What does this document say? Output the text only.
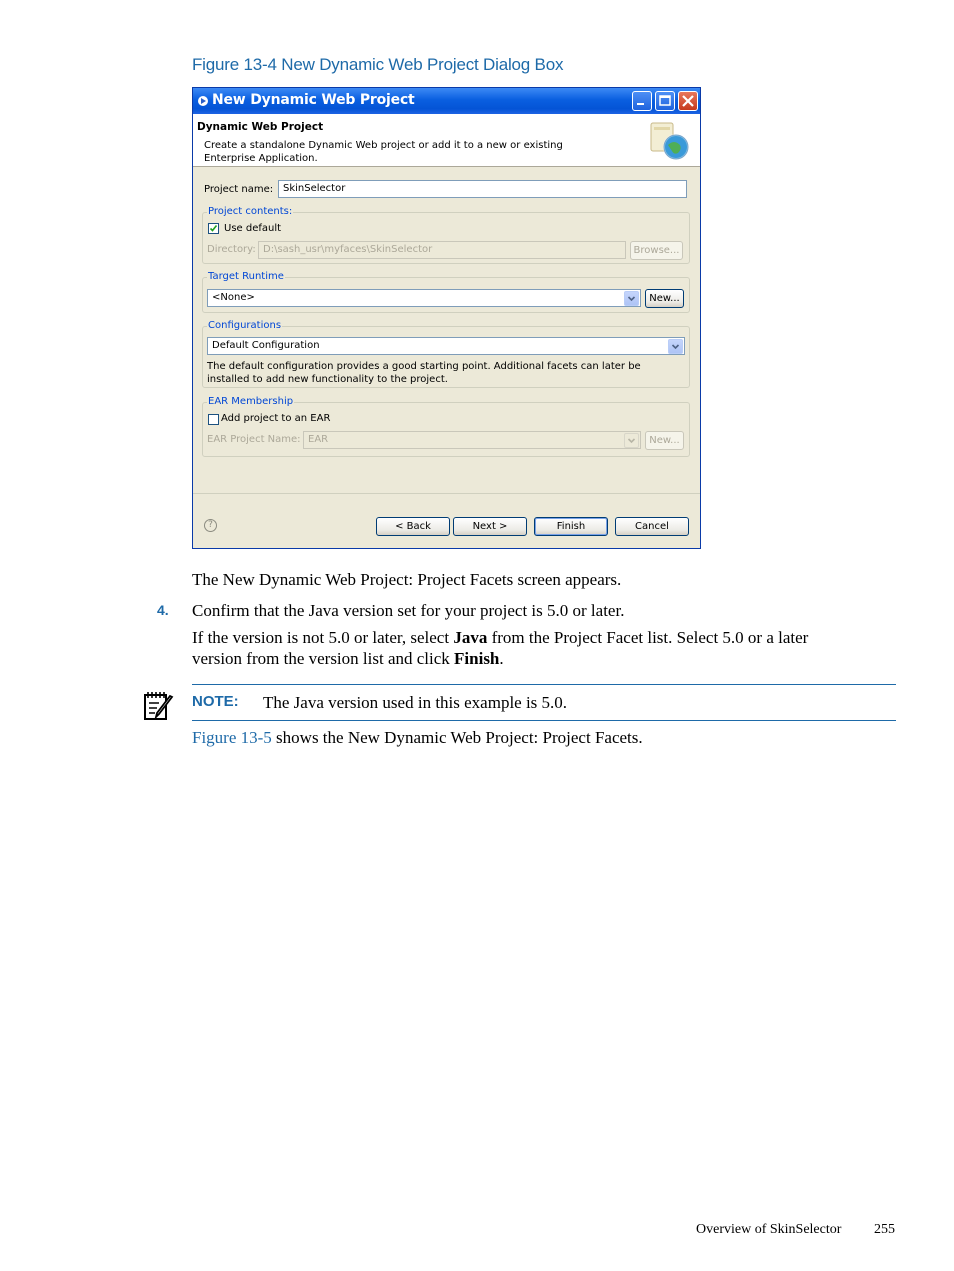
Figure 13-4 New Dynamic Web Project Dialog Box
New Dynamic Web Project
Dynamic Web Project
Create a standalone Dynamic Web project or add it to a new or existing Enterprise Application.
Project name: SkinSelector
Project contents:
Use default
Directory: D:\sash_usr\myfaces\SkinSelector	Browse...
Target Runtime
<None>	New...
Configurations
Default Configuration
The default configuration provides a good starting point. Additional facets can later be installed to add new functionality to the project.
EAR Membership
Add project to an EAR
EAR Project Name: EAR	New...
?	< Back	Next >	Finish	Cancel
The New Dynamic Web Project: Project Facets screen appears.
4. Confirm that the Java version set for your project is 5.0 or later.
If the version is not 5.0 or later, select Java from the Project Facet list. Select 5.0 or a later
version from the version list and click Finish.
NOTE: The Java version used in this example is 5.0.
Figure 13-5 shows the New Dynamic Web Project: Project Facets.
Overview of SkinSelector 255
